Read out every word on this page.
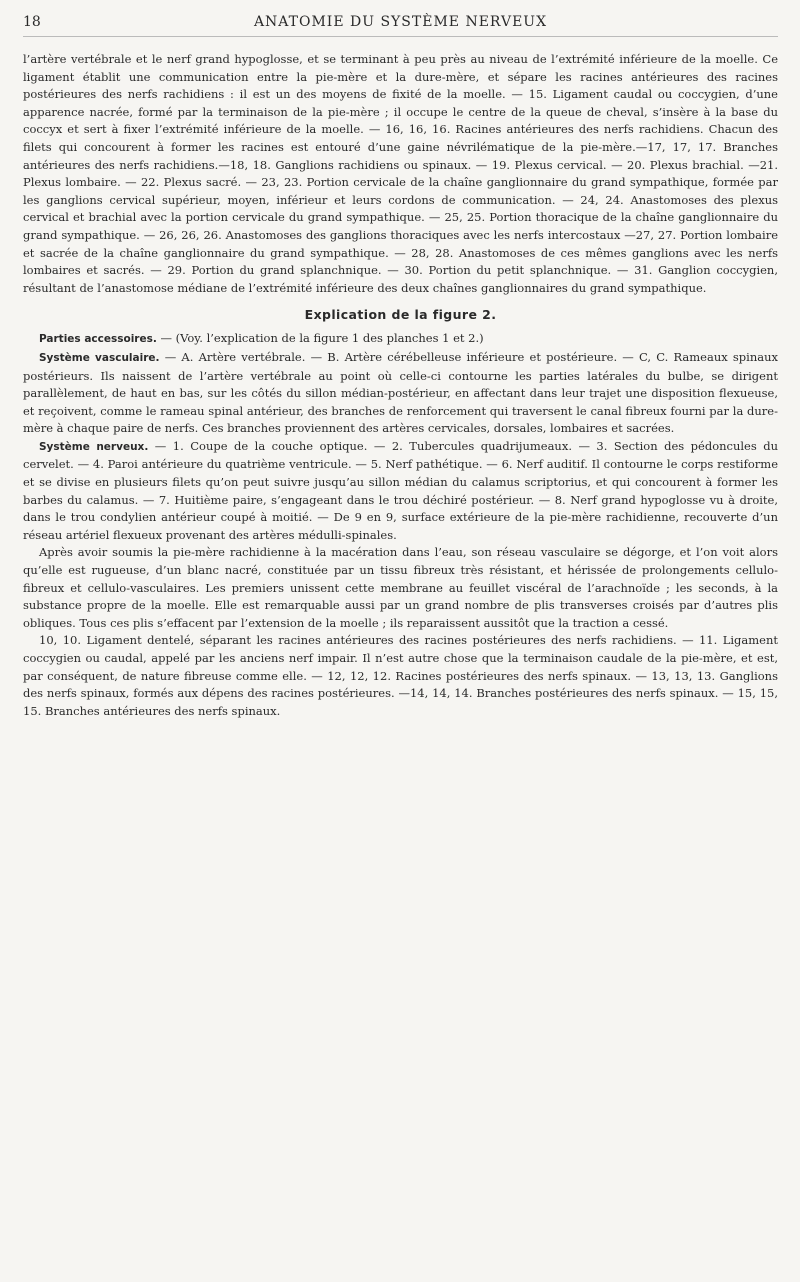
18	ANATOMIE DU SYSTÈME NERVEUX

l’artère vertébrale et le nerf grand hypoglosse, et se terminant à peu près au niveau de l’extrémité inférieure de la moelle. Ce ligament établit une communication entre la pie-mère et la dure-mère, et sépare les racines antérieures des racines postérieures des nerfs rachidiens : il est un des moyens de fixité de la moelle. — 15. Ligament caudal ou coccygien, d’une apparence nacrée, formé par la terminaison de la pie-mère ; il occupe le centre de la queue de cheval, s’insère à la base du coccyx et sert à fixer l’extrémité inférieure de la moelle. — 16, 16, 16. Racines antérieures des nerfs rachidiens. Chacun des filets qui concourent à former les racines est entouré d’une gaine névrilématique de la pie-mère.—17, 17, 17. Branches antérieures des nerfs rachidiens.—18, 18. Ganglions rachidiens ou spinaux. — 19. Plexus cervical. — 20. Plexus brachial. —21. Plexus lombaire. — 22. Plexus sacré. — 23, 23. Portion cervicale de la chaîne ganglionnaire du grand sympathique, formée par les ganglions cervical supérieur, moyen, inférieur et leurs cordons de communication. — 24, 24. Anastomoses des plexus cervical et brachial avec la portion cervicale du grand sympathique. — 25, 25. Portion thoracique de la chaîne ganglionnaire du grand sympathique. — 26, 26, 26. Anastomoses des ganglions thoraciques avec les nerfs intercostaux —27, 27. Portion lombaire et sacrée de la chaîne ganglionnaire du grand sympathique. — 28, 28. Anastomoses de ces mêmes ganglions avec les nerfs lombaires et sacrés. — 29. Portion du grand splanchnique. — 30. Portion du petit splanchnique. — 31. Ganglion coccygien, résultant de l’anastomose médiane de l’extrémité inférieure des deux chaînes ganglionnaires du grand sympathique.

Explication de la figure 2.

Parties accessoires. — (Voy. l’explication de la figure 1 des planches 1 et 2.)

Système vasculaire. — A. Artère vertébrale. — B. Artère cérébelleuse inférieure et postérieure. — C, C. Rameaux spinaux postérieurs. Ils naissent de l’artère vertébrale au point où celle-ci contourne les parties latérales du bulbe, se dirigent parallèlement, de haut en bas, sur les côtés du sillon médian-postérieur, en affectant dans leur trajet une disposition flexueuse, et reçoivent, comme le rameau spinal antérieur, des branches de renforcement qui traversent le canal fibreux fourni par la dure-mère à chaque paire de nerfs. Ces branches proviennent des artères cervicales, dorsales, lombaires et sacrées.

Système nerveux. — 1. Coupe de la couche optique. — 2. Tubercules quadrijumeaux. — 3. Section des pédoncules du cervelet. — 4. Paroi antérieure du quatrième ventricule. — 5. Nerf pathétique. — 6. Nerf auditif. Il contourne le corps restiforme et se divise en plusieurs filets qu’on peut suivre jusqu’au sillon médian du calamus scriptorius, et qui concourent à former les barbes du calamus. — 7. Huitième paire, s’engageant dans le trou déchiré postérieur. — 8. Nerf grand hypoglosse vu à droite, dans le trou condylien antérieur coupé à moitié. — De 9 en 9, surface extérieure de la pie-mère rachidienne, recouverte d’un réseau artériel flexueux provenant des artères médulli-spinales.

Après avoir soumis la pie-mère rachidienne à la macération dans l’eau, son réseau vasculaire se dégorge, et l’on voit alors qu’elle est rugueuse, d’un blanc nacré, constituée par un tissu fibreux très résistant, et hérissée de prolongements cellulo-fibreux et cellulo-vasculaires. Les premiers unissent cette membrane au feuillet viscéral de l’arachnoïde ; les seconds, à la substance propre de la moelle. Elle est remarquable aussi par un grand nombre de plis transverses croisés par d’autres plis obliques. Tous ces plis s’effacent par l’extension de la moelle ; ils reparaissent aussitôt que la traction a cessé.

10, 10. Ligament dentelé, séparant les racines antérieures des racines postérieures des nerfs rachidiens. — 11. Ligament coccygien ou caudal, appelé par les anciens nerf impair. Il n’est autre chose que la terminaison caudale de la pie-mère, et est, par conséquent, de nature fibreuse comme elle. — 12, 12, 12. Racines postérieures des nerfs spinaux. — 13, 13, 13. Ganglions des nerfs spinaux, formés aux dépens des racines postérieures. —14, 14, 14. Branches postérieures des nerfs spinaux. — 15, 15, 15. Branches antérieures des nerfs spinaux.
